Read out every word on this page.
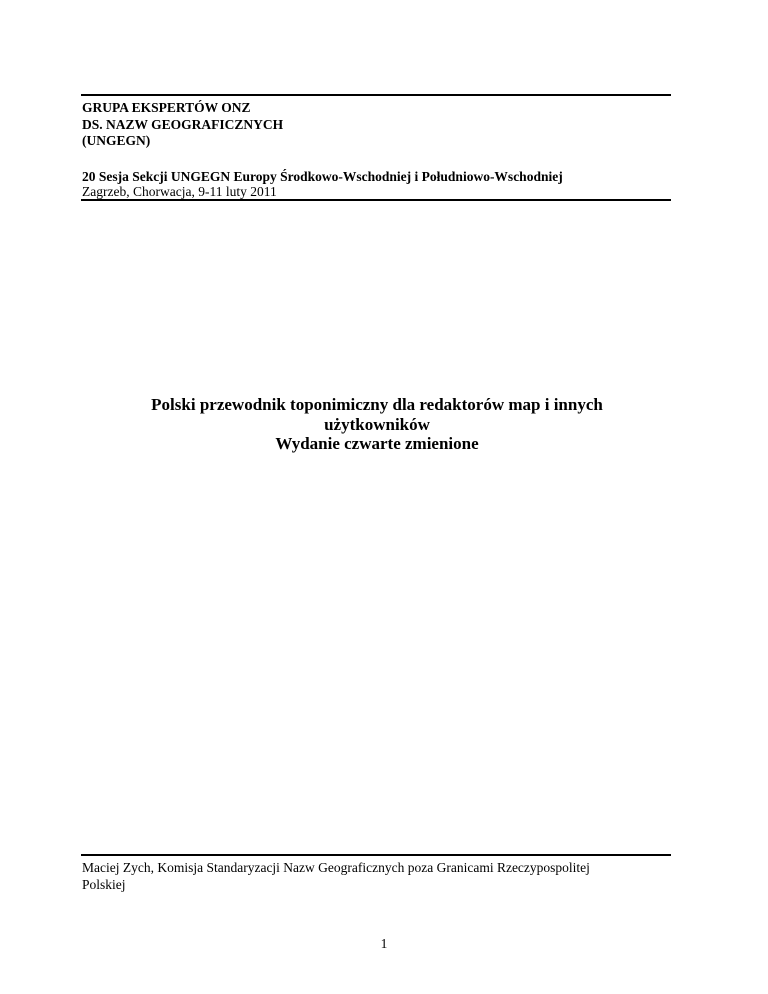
GRUPA EKSPERTÓW ONZ
DS. NAZW GEOGRAFICZNYCH
(UNGEGN)
20 Sesja Sekcji UNGEGN Europy Środkowo-Wschodniej i Południowo-Wschodniej
Zagrzeb, Chorwacja, 9-11 luty 2011
Polski przewodnik toponimiczny dla redaktorów map i innych
użytkowników
Wydanie czwarte zmienione
Maciej Zych, Komisja Standaryzacji Nazw Geograficznych poza Granicami Rzeczypospolitej
Polskiej
1
